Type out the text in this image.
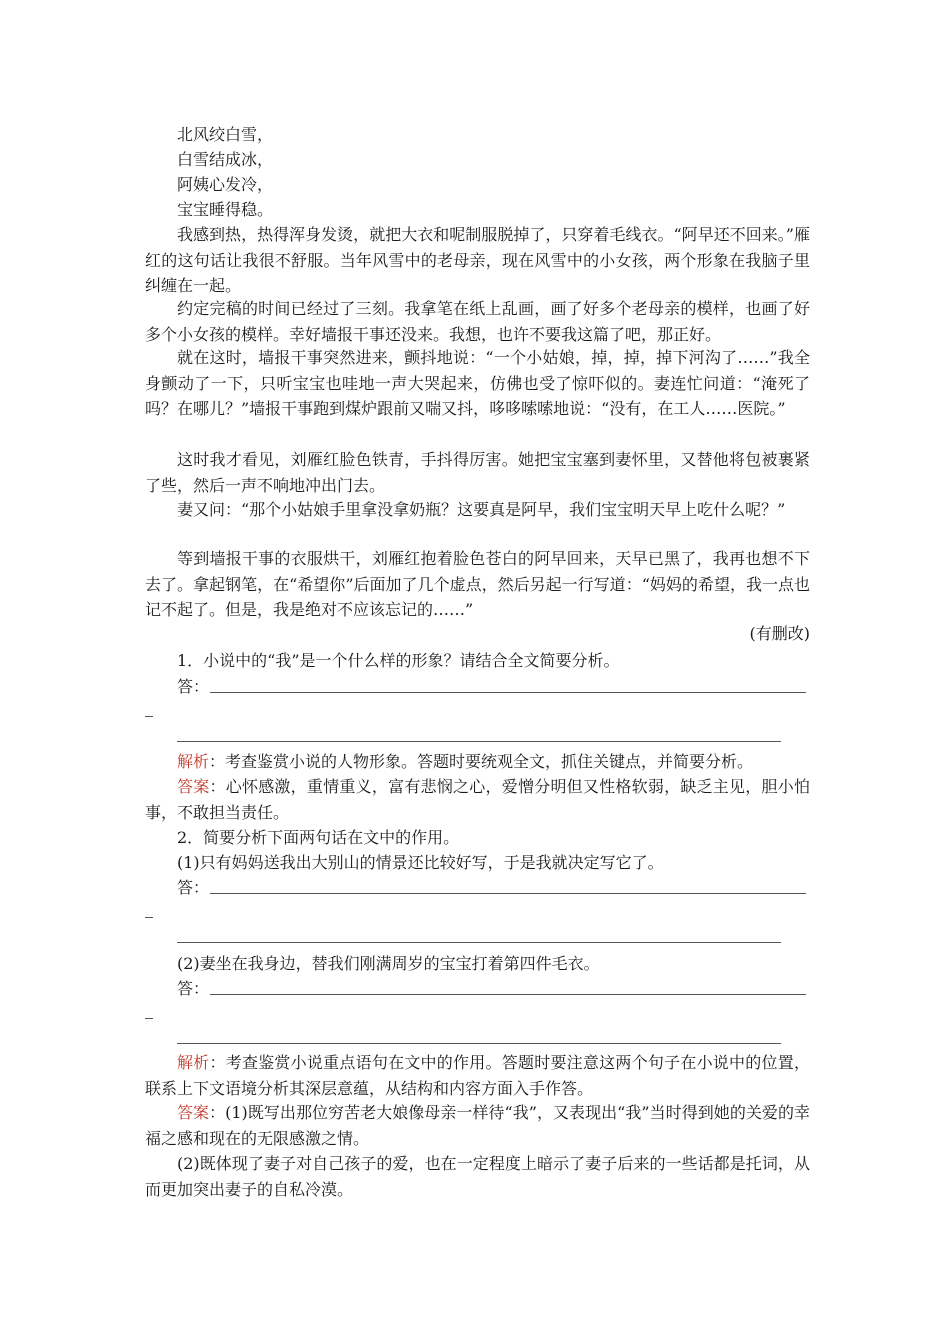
北风绞白雪，
白雪结成冰，
阿姨心发冷，
宝宝睡得稳。

我感到热，热得浑身发烫，就把大衣和呢制服脱掉了，只穿着毛线衣。“阿早还不回来。”雁红的这句话让我很不舒服。当年风雪中的老母亲，现在风雪中的小女孩，两个形象在我脑子里纠缠在一起。

约定完稿的时间已经过了三刻。我拿笔在纸上乱画，画了好多个老母亲的模样，也画了好多个小女孩的模样。幸好墙报干事还没来。我想，也许不要我这篇了吧，那正好。

就在这时，墙报干事突然进来，颤抖地说：“一个小姑娘，掉，掉，掉下河沟了……”我全身颤动了一下，只听宝宝也哇地一声大哭起来，仿佛也受了惊吓似的。妻连忙问道：“淹死了吗？在哪儿？”墙报干事跑到煤炉跟前又喘又抖，哆哆嗦嗦地说：“没有，在工人……医院。”

这时我才看见，刘雁红脸色铁青，手抖得厉害。她把宝宝塞到妻怀里，又替他将包被裹紧了些，然后一声不响地冲出门去。

妻又问：“那个小姑娘手里拿没拿奶瓶？这要真是阿早，我们宝宝明天早上吃什么呢？”

等到墙报干事的衣服烘干，刘雁红抱着脸色苍白的阿早回来，天早已黑了，我再也想不下去了。拿起钢笔，在“希望你”后面加了几个虚点，然后另起一行写道：“妈妈的希望，我一点也记不起了。但是，我是绝对不应该忘记的……”

(有删改)
1．小说中的“我”是一个什么样的形象？请结合全文简要分析。
答：
解析：考查鉴赏小说的人物形象。答题时要统观全文，抓住关键点，并简要分析。

答案：心怀感激，重情重义，富有悲悯之心，爱憎分明但又性格软弱，缺乏主见，胆小怕事，不敢担当责任。

2．简要分析下面两句话在文中的作用。
(1)只有妈妈送我出大别山的情景还比较好写，于是我就决定写它了。
答：
(2)妻坐在我身边，替我们刚满周岁的宝宝打着第四件毛衣。
答：

解析：考查鉴赏小说重点语句在文中的作用。答题时要注意这两个句子在小说中的位置，联系上下文语境分析其深层意蕴，从结构和内容方面入手作答。

答案：(1)既写出那位穷苦老大娘像母亲一样待“我”，又表现出“我”当时得到她的关爱的幸福之感和现在的无限感激之情。

(2)既体现了妻子对自己孩子的爱，也在一定程度上暗示了妻子后来的一些话都是托词，从而更加突出妻子的自私冷漠。
